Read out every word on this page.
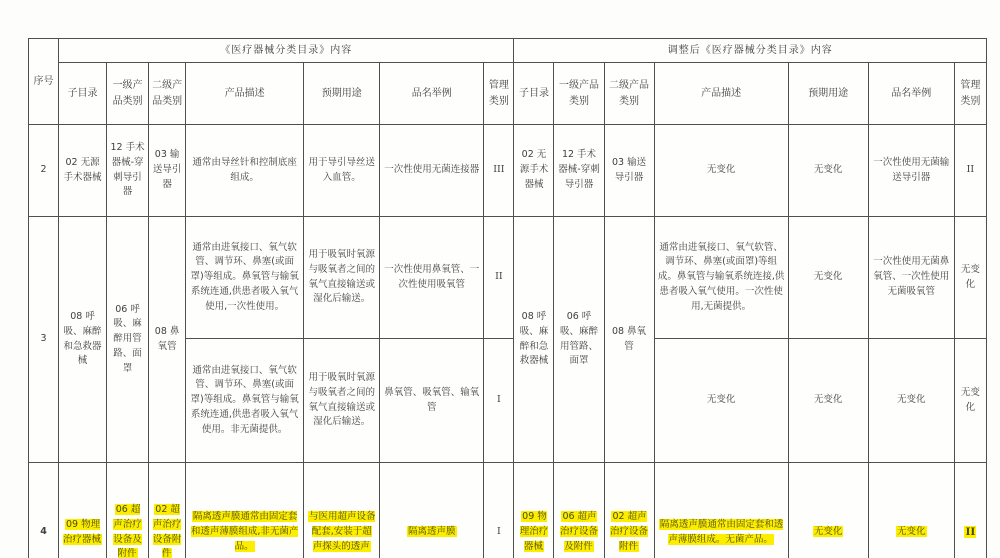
序号	《医疗器械分类目录》内容							调整后《医疗器械分类目录》内容						
	子目录	一级产品类别	二级产品类别	产品描述	预期用途	品名举例	管理类别	子目录	一级产品类别	二级产品类别	产品描述	预期用途	品名举例	管理类别
2	02 无源手术器械	12 手术器械-穿刺导引器	03 输送导引器	通常由导丝针和控制底座组成。	用于导引导丝送入血管。	一次性使用无菌连接器	III	02 无源手术器械	12 手术器械-穿刺导引器	03 输送导引器	无变化	无变化	一次性使用无菌输送导引器	II
3	08 呼吸、麻醉和急救器械	06 呼吸、麻醉用管路、面罩	08 鼻氧管	通常由进氧接口、氧气软管、调节环、鼻塞(或面罩)等组成。鼻氧管与输氧系统连通,供患者吸入氧气使用,一次性使用。	用于吸氧时氧源与吸氧者之间的氧气直接输送或湿化后输送。	一次性使用鼻氧管、一次性使用吸氧管	II	08 呼吸、麻醉和急救器械	06 呼吸、麻醉用管路、面罩	08 鼻氧管	通常由进氧接口、氧气软管、调节环、鼻塞(或面罩)等组成。鼻氧管与输氧系统连接,供患者吸入氧气使用。一次性使用,无菌提供。	无变化	一次性使用无菌鼻氧管、一次性使用无菌吸氧管	无变化
				通常由进氧接口、氧气软管、调节环、鼻塞(或面罩)等组成。鼻氧管与输氧系统连通,供患者吸入氧气使用。非无菌提供。	用于吸氧时氧源与吸氧者之间的氧气直接输送或湿化后输送。	鼻氧管、吸氧管、输氧管	I				无变化	无变化	无变化	无变化
4	09 物理治疗器械	06 超声治疗设备及附件	02 超声治疗设备附件	隔离透声膜通常由固定套和透声薄膜组成,非无菌产品。	与医用超声设备配套,安装于超声探头的透声	隔离透声膜	I	09 物理治疗器械	06 超声治疗设备及附件	02 超声治疗设备附件	隔离透声膜通常由固定套和透声薄膜组成。无菌产品。	无变化	无变化	II
